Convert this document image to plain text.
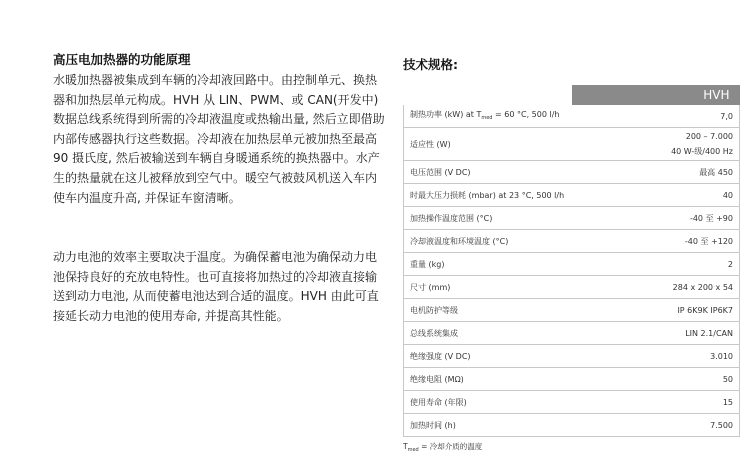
高压电加热器的功能原理

水暖加热器被集成到车辆的冷却液回路中。由控制单元、换热器和加热层单元构成。HVH 从 LIN、PWM、或 CAN(开发中)数据总线系统得到所需的冷却液温度或热输出量, 然后立即借助内部传感器执行这些数据。冷却液在加热层单元被加热至最高 90 摄氏度, 然后被输送到车辆自身暖通系统的换热器中。水产生的热量就在这儿被释放到空气中。暖空气被鼓风机送入车内使车内温度升高, 并保证车窗清晰。

动力电池的效率主要取决于温度。为确保蓄电池为确保动力电池保持良好的充放电特性。也可直接将加热过的冷却液直接输送到动力电池, 从而使蓄电池达到合适的温度。HVH 由此可直接延长动力电池的使用寿命, 并提高其性能。

技术规格:
	HVH
制热功率 (kW) at $T_{med} = 60$ °C, 500 l/h	7,0
适应性 (W)	200 – 7.000
40 W-级/400 Hz

电压范围 (V DC)	最高 450
时最大压力损耗 (mbar) at 23 °C, 500 l/h	40
加热操作温度范围 (°C)	-40 至 +90
冷却液温度和环境温度 (°C)	-40 至 +120
重量 (kg)	2
尺寸 (mm)	284 x 200 x 54
电机防护等级	IP 6K9K IP6K7
总线系统集成	LIN 2.1/CAN
绝缘强度 (V DC)	3.010
绝缘电阻 (MΩ)	50
使用寿命 (年限)	15
加热时间 (h)	7.500
$T_{med}$ = 冷却介质的温度
